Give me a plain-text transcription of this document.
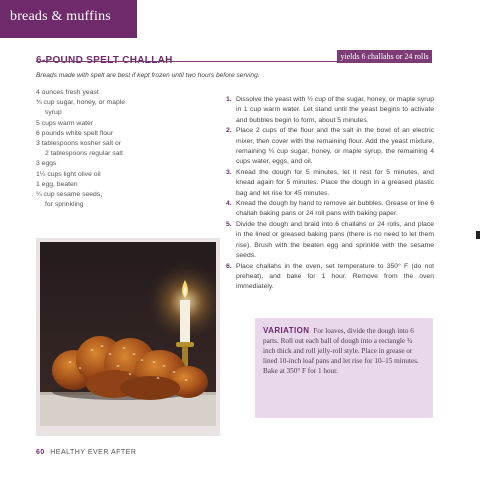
breads & muffins
yields 6 challahs or 24 rolls
Breads made with spelt are best if kept frozen until two hours before serving.
4 ounces fresh yeast
¾ cup sugar, honey, or maple
syrup
5 cups warm water
6 pounds white spelt flour
3 tablespoons kosher salt or
2 tablespoons regular salt
3 eggs
1¼ cups light olive oil
1 egg, beaten
¼ cup sesame seeds,
for sprinkling
1. Dissolve the yeast with ½ cup of the sugar, honey, or maple syrup in 1 cup warm water. Let stand until the yeast begins to activate and bubbles begin to form, about 5 minutes.
2. Place 2 cups of the flour and the salt in the bowl of an electric mixer, then cover with the remaining flour. Add the yeast mixture, remaining ¼ cup sugar, honey, or maple syrup, the remaining 4 cups water, eggs, and oil.
3. Knead the dough for 5 minutes, let it rest for 5 minutes, and knead again for 5 minutes. Place the dough in a greased plastic bag and let rise for 45 minutes.
4. Knead the dough by hand to remove air bubbles. Grease or line 6 challah baking pans or 24 roll pans with baking paper.
5. Divide the dough and braid into 6 challahs or 24 rolls, and place in the lined or greased baking pans (there is no need to let them rise). Brush with the beaten egg and sprinkle with the sesame seeds.
6. Place challahs in the oven, set temperature to 350° F (do not preheat), and bake for 1 hour. Remove from the oven immediately.

VARIATION For loaves, divide the dough into 6 parts. Roll out each ball of dough into a rectangle ¾ inch thick and roll jelly-roll style. Place in grease or lined 10-inch loaf pans and let rise for 10–15 minutes. Bake at 350° F for 1 hour.

60 HEALTHY EVER AFTER
